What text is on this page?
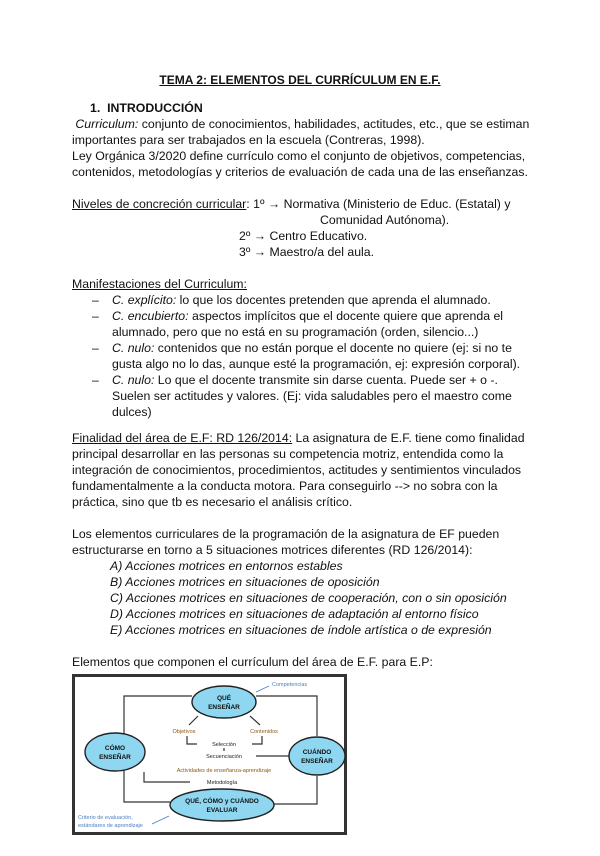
TEMA 2: ELEMENTOS DEL CURRÍCULUM EN E.F.
1. INTRODUCCIÓN
Curriculum: conjunto de conocimientos, habilidades, actitudes, etc., que se estiman importantes para ser trabajados en la escuela (Contreras, 1998).
Ley Orgánica 3/2020 define currículo como el conjunto de objetivos, competencias, contenidos, metodologías y criterios de evaluación de cada una de las enseñanzas.
Niveles de concreción curricular: 1º → Normativa (Ministerio de Educ. (Estatal) y
Comunidad Autónoma).
2º → Centro Educativo.
3º → Maestro/a del aula.
Manifestaciones del Curriculum:
– C. explícito: lo que los docentes pretenden que aprenda el alumnado.
– C. encubierto: aspectos implícitos que el docente quiere que aprenda el alumnado, pero que no está en su programación (orden, silencio...)
– C. nulo: contenidos que no están porque el docente no quiere (ej: si no te gusta algo no lo das, aunque esté la programación, ej: expresión corporal).
– C. nulo: Lo que el docente transmite sin darse cuenta. Puede ser + o -. Suelen ser actitudes y valores. (Ej: vida saludables pero el maestro come dulces)
Finalidad del área de E.F: RD 126/2014: La asignatura de E.F. tiene como finalidad principal desarrollar en las personas su competencia motriz, entendida como la integración de conocimientos, procedimientos, actitudes y sentimientos vinculados fundamentalmente a la conducta motora. Para conseguirlo --> no sobra con la práctica, sino que tb es necesario el análisis crítico.
Los elementos curriculares de la programación de la asignatura de EF pueden estructurarse en torno a 5 situaciones motrices diferentes (RD 126/2014):
A) Acciones motrices en entornos estables
B) Acciones motrices en situaciones de oposición
C) Acciones motrices en situaciones de cooperación, con o sin oposición
D) Acciones motrices en situaciones de adaptación al entorno físico
E) Acciones motrices en situaciones de índole artística o de expresión
Elementos que componen el currículum del área de E.F. para E.P:
QUÉ
ENSEÑAR
CÓMO
ENSEÑAR
CUÁNDO
ENSEÑAR
QUÉ, CÓMO y CUÁNDO
EVALUAR
Objetivos	Contenidos
Selección
Secuenciación
Actividades de enseñanza-aprendizaje
Metodología
Competencias
Criterio de evaluación,
estándares de aprendizaje
